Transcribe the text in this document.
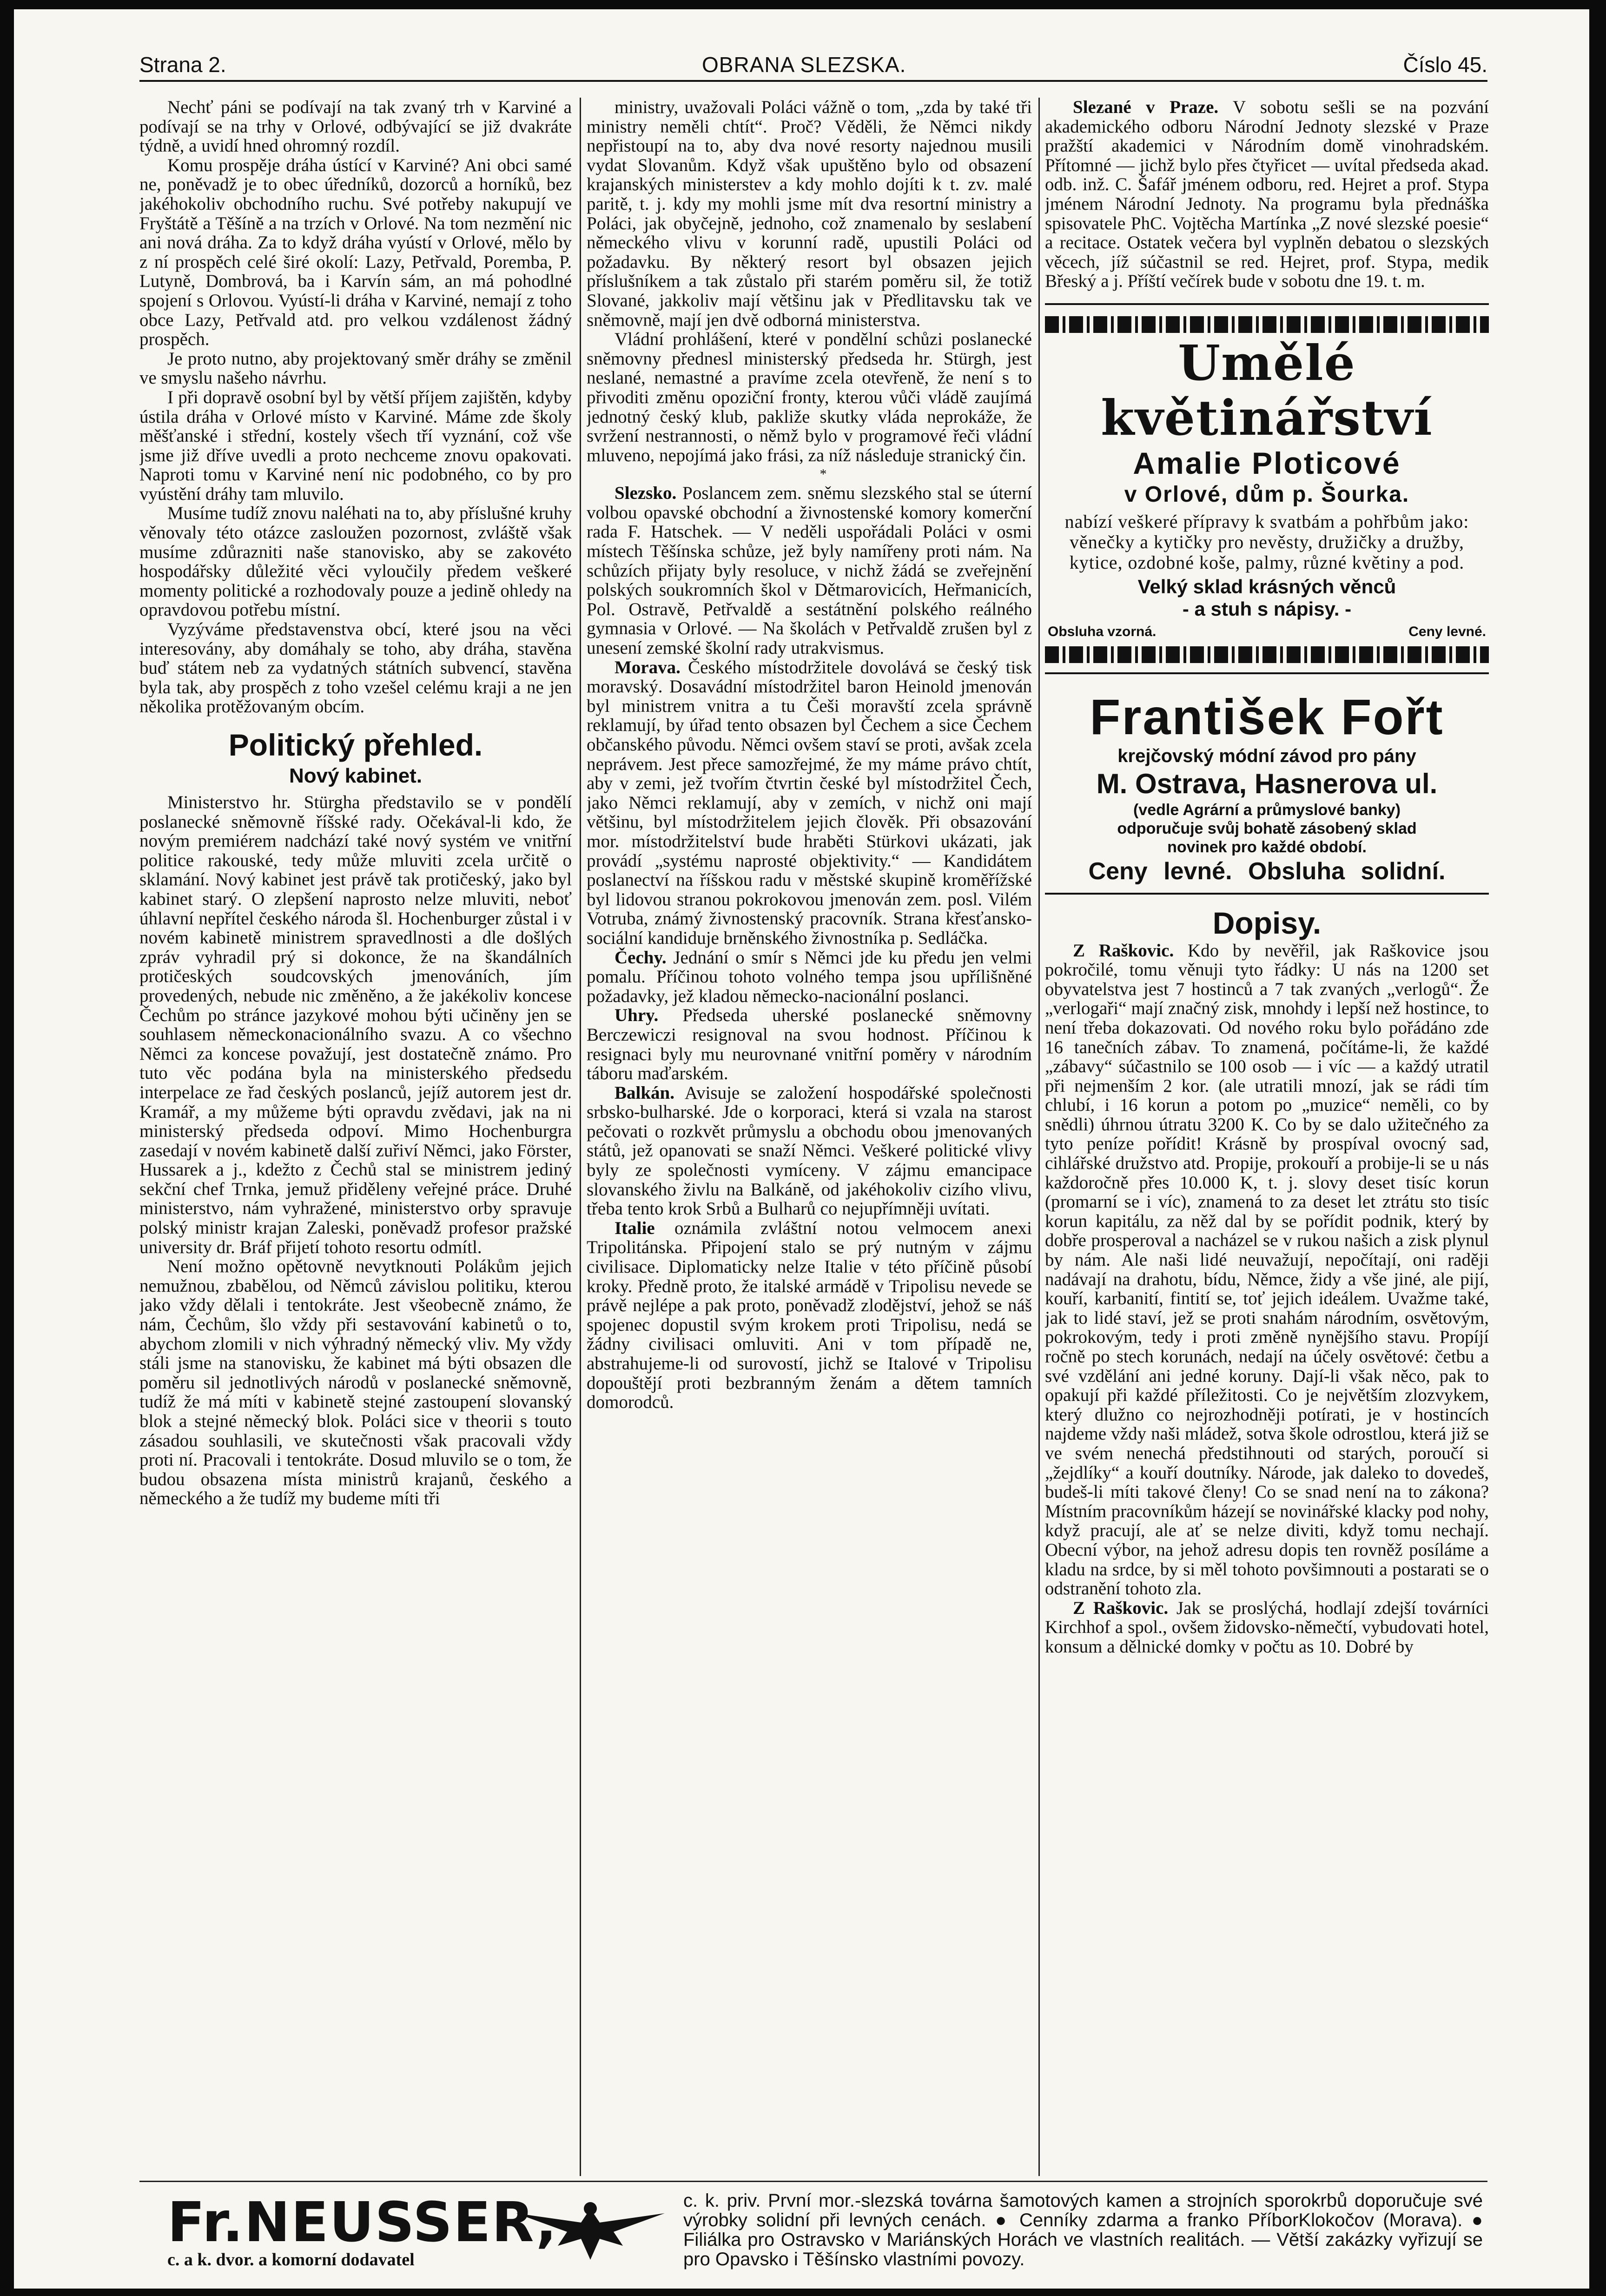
Strana 2.	OBRANA SLEZSKA.	Číslo 45.

Nechť páni se podívají na tak zvaný trh v Karviné a podívají se na trhy v Orlové, odbývající se již dvakráte týdně, a uvidí hned ohromný rozdíl.

Komu prospěje dráha ústící v Karviné? Ani obci samé ne, poněvadž je to obec úředníků, dozorců a horníků, bez jakéhokoliv obchodního ruchu. Své potřeby nakupují ve Fryštátě a Těšíně a na trzích v Orlové. Na tom nezmění nic ani nová dráha. Za to když dráha vyústí v Orlové, mělo by z ní prospěch celé širé okolí: Lazy, Petřvald, Poremba, P. Lutyně, Dombrová, ba i Karvín sám, an má pohodlné spojení s Orlovou. Vyústí-li dráha v Karviné, nemají z toho obce Lazy, Petřvald atd. pro velkou vzdálenost žádný prospěch.

Je proto nutno, aby projektovaný směr dráhy se změnil ve smyslu našeho návrhu.

I při dopravě osobní byl by větší příjem zajištěn, kdyby ústila dráha v Orlové místo v Karviné. Máme zde školy měšťanské i střední, kostely všech tří vyznání, což vše jsme již dříve uvedli a proto nechceme znovu opakovati. Naproti tomu v Karviné není nic podobného, co by pro vyústění dráhy tam mluvilo.

Musíme tudíž znovu naléhati na to, aby příslušné kruhy věnovaly této otázce zasloužen pozornost, zvláště však musíme zdůrazniti naše stanovisko, aby se zakovéto hospodářsky důležité věci vyloučily předem veškeré momenty politické a rozhodovaly pouze a jedině ohledy na opravdovou potřebu místní.

Vyzýváme představenstva obcí, které jsou na věci interesovány, aby domáhaly se toho, aby dráha, stavěna buď státem neb za vydatných státních subvencí, stavěna byla tak, aby prospěch z toho vzešel celému kraji a ne jen několika protěžovaným obcím.

Politický přehled.
Nový kabinet.

Ministerstvo hr. Stürgha představilo se v pondělí poslanecké sněmovně říšské rady. Očekával-li kdo, že novým premiérem nadchází také nový systém ve vnitřní politice rakouské, tedy může mluviti zcela určitě o sklamání. Nový kabinet jest právě tak protičeský, jako byl kabinet starý. O zlepšení naprosto nelze mluviti, neboť úhlavní nepřítel českého národa šl. Hochenburger zůstal i v novém kabinetě ministrem spravedlnosti a dle došlých zpráv vyhradil prý si dokonce, že na škandálních protičeských soudcovských jmenováních, jím provedených, nebude nic změněno, a že jakékoliv koncese Čechům po stránce jazykové mohou býti učiněny jen se souhlasem německonacionálního svazu. A co všechno Němci za koncese považují, jest dostatečně známo. Pro tuto věc podána byla na ministerského předsedu interpelace ze řad českých poslanců, jejíž autorem jest dr. Kramář, a my můžeme býti opravdu zvědavi, jak na ni ministerský předseda odpoví. Mimo Hochenburgra zasedají v novém kabinetě další zuřiví Němci, jako Förster, Hussarek a j., kdežto z Čechů stal se ministrem jediný sekční chef Trnka, jemuž přiděleny veřejné práce. Druhé ministerstvo, nám vyhražené, ministerstvo orby spravuje polský ministr krajan Zaleski, poněvadž profesor pražské university dr. Bráf přijetí tohoto resortu odmítl.

Není možno opětovně nevytknouti Polákům jejich nemužnou, zbabělou, od Němců závislou politiku, kterou jako vždy dělali i tentokráte. Jest všeobecně známo, že nám, Čechům, šlo vždy při sestavování kabinetů o to, abychom zlomili v nich výhradný německý vliv. My vždy stáli jsme na stanovisku, že kabinet má býti obsazen dle poměru sil jednotlivých národů v poslanecké sněmovně, tudíž že má míti v kabinetě stejné zastoupení slovanský blok a stejné německý blok. Poláci sice v theorii s touto zásadou souhlasili, ve skutečnosti však pracovali vždy proti ní. Pracovali i tentokráte. Dosud mluvilo se o tom, že budou obsazena místa ministrů krajanů, českého a německého a že tudíž my budeme míti tři

ministry, uvažovali Poláci vážně o tom, „zda by také tři ministry neměli chtít“. Proč? Věděli, že Němci nikdy nepřistoupí na to, aby dva nové resorty najednou musili vydat Slovanům. Když však upuštěno bylo od obsazení krajanských ministerstev a kdy mohlo dojíti k t. zv. malé paritě, t. j. kdy my mohli jsme mít dva resortní ministry a Poláci, jak obyčejně, jednoho, což znamenalo by seslabení německého vlivu v korunní radě, upustili Poláci od požadavku. By některý resort byl obsazen jejich příslušníkem a tak zůstalo při starém poměru sil, že totiž Slované, jakkoliv mají většinu jak v Předlitavsku tak ve sněmovně, mají jen dvě odborná ministerstva.

Vládní prohlášení, které v pondělní schůzi poslanecké sněmovny přednesl ministerský předseda hr. Stürgh, jest neslané, nemastné a pravíme zcela otevřeně, že není s to přivoditi změnu opoziční fronty, kterou vůči vládě zaujímá jednotný český klub, pakliže skutky vláda neprokáže, že svržení nestrannosti, o němž bylo v programové řeči vládní mluveno, nepojímá jako frási, za níž následuje stranický čin.

*

Slezsko. Poslancem zem. sněmu slezského stal se úterní volbou opavské obchodní a živnostenské komory komerční rada F. Hatschek. — V neděli uspořádali Poláci v osmi místech Těšínska schůze, jež byly namířeny proti nám. Na schůzích přijaty byly resoluce, v nichž žádá se zveřejnění polských soukromních škol v Dětmarovicích, Heřmanicích, Pol. Ostravě, Petřvaldě a sestátnění polského reálného gymnasia v Orlové. — Na školách v Petřvaldě zrušen byl z unesení zemské školní rady utrakvismus.

Morava. Českého místodržitele dovolává se český tisk moravský. Dosavádní místodržitel baron Heinold jmenován byl ministrem vnitra a tu Češi moravští zcela správně reklamují, by úřad tento obsazen byl Čechem a sice Čechem občanského původu. Němci ovšem staví se proti, avšak zcela neprávem. Jest přece samozřejmé, že my máme právo chtít, aby v zemi, jež tvořím čtvrtin české byl místodržitel Čech, jako Němci reklamují, aby v zemích, v nichž oni mají většinu, byl místodržitelem jejich člověk. Při obsazování mor. místodržitelství bude hraběti Stürkovi ukázati, jak provádí „systému naprosté objektivity.“ — Kandidátem poslanectví na říšskou radu v městské skupině kroměřížské byl lidovou stranou pokrokovou jmenován zem. posl. Vilém Votruba, známý živnostenský pracovník. Strana křesťansko-sociální kandiduje brněnského živnostníka p. Sedláčka.

Čechy. Jednání o smír s Němci jde ku předu jen velmi pomalu. Příčinou tohoto volného tempa jsou upřílišněné požadavky, jež kladou německo-nacionální poslanci.

Uhry. Předseda uherské poslanecké sněmovny Berczewiczi resignoval na svou hodnost. Příčinou k resignaci byly mu neurovnané vnitřní poměry v národním táboru maďarském.

Balkán. Avisuje se založení hospodářské společnosti srbsko-bulharské. Jde o korporaci, která si vzala na starost pečovati o rozkvět průmyslu a obchodu obou jmenovaných států, jež opanovati se snaží Němci. Veškeré politické vlivy byly ze společnosti vymíceny. V zájmu emancipace slovanského živlu na Balkáně, od jakéhokoliv cizího vlivu, třeba tento krok Srbů a Bulharů co nejupřímněji uvítati.

Italie oznámila zvláštní notou velmocem anexi Tripolitánska. Připojení stalo se prý nutným v zájmu civilisace. Diplomaticky nelze Italie v této příčině působí kroky. Předně proto, že italské armádě v Tripolisu nevede se právě nejlépe a pak proto, poněvadž zlodějství, jehož se náš spojenec dopustil svým krokem proti Tripolisu, nedá se žádny civilisaci omluviti. Ani v tom případě ne, abstrahujeme-li od surovostí, jichž se Italové v Tripolisu dopouštějí proti bezbranným ženám a dětem tamních domorodců.

Slezané v Praze. V sobotu sešli se na pozvání akademického odboru Národní Jednoty slezské v Praze pražští akademici v Národním domě vinohradském. Přítomné — jichž bylo přes čtyřicet — uvítal předseda akad. odb. inž. C. Šafář jménem odboru, red. Hejret a prof. Stypa jménem Národní Jednoty. Na programu byla přednáška spisovatele PhC. Vojtěcha Martínka „Z nové slezské poesie“ a recitace. Ostatek večera byl vyplněn debatou o slezských věcech, jíž súčastnil se red. Hejret, prof. Stypa, medik Břeský a j. Příští večírek bude v sobotu dne 19. t. m.

Umělé květinářství
Amalie Ploticové
v Orlové, dům p. Šourka.
nabízí veškeré přípravy k svatbám a pohřbům jako: věnečky a kytičky pro nevěsty, družičky a družby, kytice, ozdobné koše, palmy, různé květiny a pod.
Velký sklad krásných věnců
- a stuh s nápisy. -
Obsluha vzorná.	Ceny levné.
František Fořt
krejčovský módní závod pro pány
M. Ostrava, Hasnerova ul.
(vedle Agrární a průmyslové banky)
odporučuje svůj bohatě zásobený sklad
novinek pro každé období.
Ceny levné. Obsluha solidní.
Dopisy.

Z Raškovic. Kdo by nevěřil, jak Raškovice jsou pokročilé, tomu věnuji tyto řádky: U nás na 1200 set obyvatelstva jest 7 hostinců a 7 tak zvaných „verlogů“. Že „verlogaři“ mají značný zisk, mnohdy i lepší než hostince, to není třeba dokazovati. Od nového roku bylo pořádáno zde 16 tanečních zábav. To znamená, počítáme-li, že každé „zábavy“ súčastnilo se 100 osob — i víc — a každý utratil při nejmenším 2 kor. (ale utratili mnozí, jak se rádi tím chlubí, i 16 korun a potom po „muzice“ neměli, co by snědli) úhrnou útratu 3200 K. Co by se dalo užitečného za tyto peníze pořídit! Krásně by prospíval ovocný sad, cihlářské družstvo atd. Propije, prokouří a probije-li se u nás každoročně přes 10.000 K, t. j. slovy deset tisíc korun (promarní se i víc), znamená to za deset let ztrátu sto tisíc korun kapitálu, za něž dal by se pořídit podnik, který by dobře prosperoval a nacházel se v rukou našich a zisk plynul by nám. Ale naši lidé neuvažují, nepočítají, oni raději nadávají na drahotu, bídu, Němce, židy a vše jiné, ale pijí, kouří, karbanití, fintití se, toť jejich ideálem. Uvažme také, jak to lidé staví, jež se proti snahám národním, osvětovým, pokrokovým, tedy i proti změně nynějšího stavu. Propíjí ročně po stech korunách, nedají na účely osvětové: četbu a své vzdělání ani jedné koruny. Dají-li však něco, pak to opakují při každé příležitosti. Co je největším zlozvykem, který dlužno co nejrozhodněji potírati, je v hostincích najdeme vždy naši mládež, sotva škole odrostlou, která již se ve svém nenechá předstihnouti od starých, poroučí si „žejdlíky“ a kouří doutníky. Národe, jak daleko to dovedeš, budeš-li míti takové členy! Co se snad není na to zákona? Místním pracovníkům házejí se novinářské klacky pod nohy, když pracují, ale ať se nelze diviti, když tomu nechají. Obecní výbor, na jehož adresu dopis ten rovněž posíláme a kladu na srdce, by si měl tohoto povšimnouti a postarati se o odstranění tohoto zla.

Z Raškovic. Jak se proslýchá, hodlají zdejší továrníci Kirchhof a spol., ovšem židovsko-němečtí, vybudovati hotel, konsum a dělnické domky v počtu as 10. Dobré by

Fr.NEUSSER,
c. a k. dvor. a komorní dodavatel
c. k. priv. První mor.-slezská továrna šamotových kamen a strojních sporokrbů doporučuje své výrobky solidní při levných cenách. ● Cenníky zdarma a franko PříborKlokočov (Morava). ● Filiálka pro Ostravsko v Mariánských Horách ve vlastních realitách. — Větší zakázky vyřizují se pro Opavsko i Těšínsko vlastními povozy.
